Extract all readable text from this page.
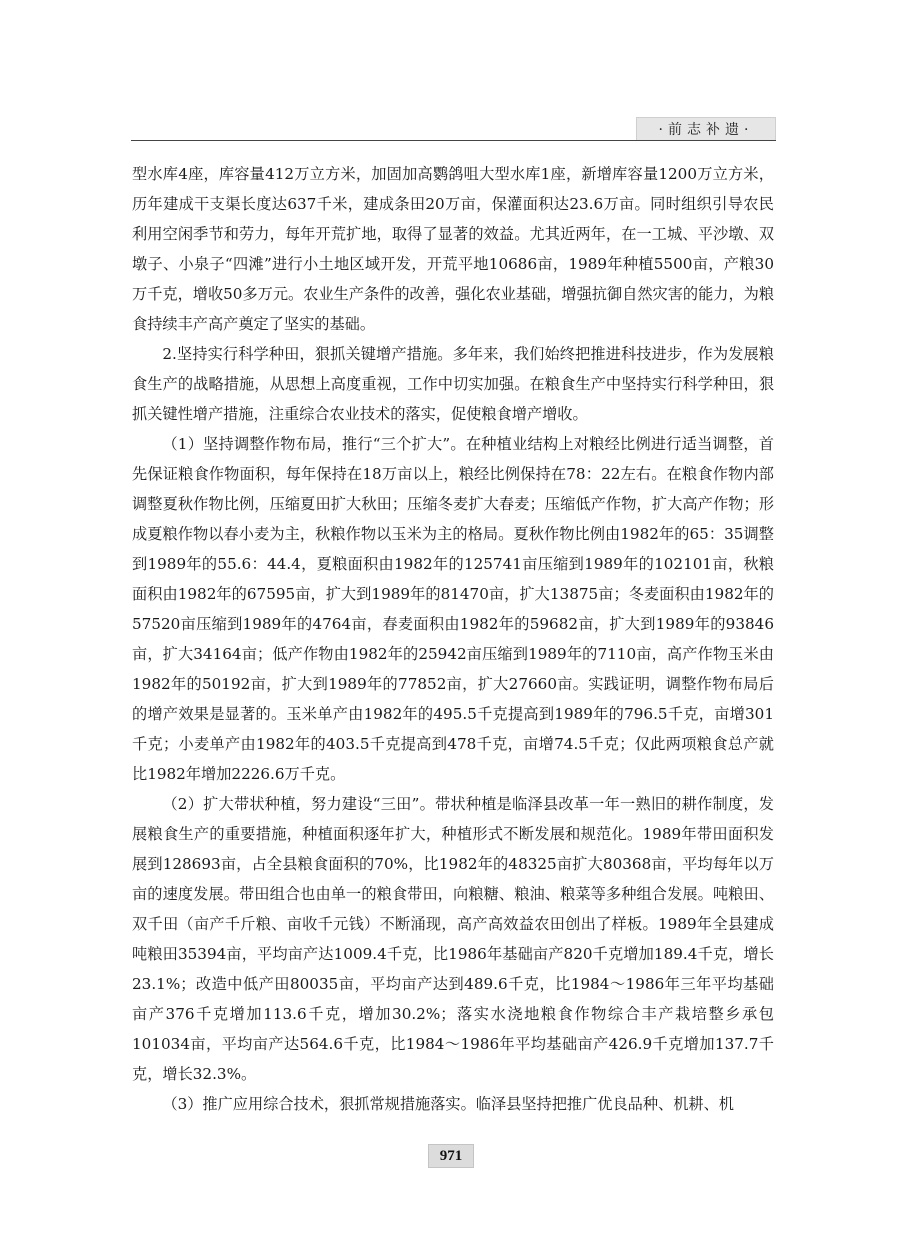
·前志补遗·

型水库4座，库容量412万立方米，加固加高鹦鸽咀大型水库1座，新增库容量1200万立方米，历年建成干支渠长度达637千米，建成条田20万亩，保灌面积达23.6万亩。同时组织引导农民利用空闲季节和劳力，每年开荒扩地，取得了显著的效益。尤其近两年，在一工城、平沙墩、双墩子、小泉子“四滩”进行小土地区域开发，开荒平地10686亩，1989年种植5500亩，产粮30万千克，增收50多万元。农业生产条件的改善，强化农业基础，增强抗御自然灾害的能力，为粮食持续丰产高产奠定了坚实的基础。

2.坚持实行科学种田，狠抓关键增产措施。多年来，我们始终把推进科技进步，作为发展粮食生产的战略措施，从思想上高度重视，工作中切实加强。在粮食生产中坚持实行科学种田，狠抓关键性增产措施，注重综合农业技术的落实，促使粮食增产增收。

（1）坚持调整作物布局，推行“三个扩大”。在种植业结构上对粮经比例进行适当调整，首先保证粮食作物面积，每年保持在18万亩以上，粮经比例保持在78：22左右。在粮食作物内部调整夏秋作物比例，压缩夏田扩大秋田；压缩冬麦扩大春麦；压缩低产作物，扩大高产作物；形成夏粮作物以春小麦为主，秋粮作物以玉米为主的格局。夏秋作物比例由1982年的65：35调整到1989年的55.6：44.4，夏粮面积由1982年的125741亩压缩到1989年的102101亩，秋粮面积由1982年的67595亩，扩大到1989年的81470亩，扩大13875亩；冬麦面积由1982年的57520亩压缩到1989年的4764亩，春麦面积由1982年的59682亩，扩大到1989年的93846亩，扩大34164亩；低产作物由1982年的25942亩压缩到1989年的7110亩，高产作物玉米由1982年的50192亩，扩大到1989年的77852亩，扩大27660亩。实践证明，调整作物布局后的增产效果是显著的。玉米单产由1982年的495.5千克提高到1989年的796.5千克，亩增301千克；小麦单产由1982年的403.5千克提高到478千克，亩增74.5千克；仅此两项粮食总产就比1982年增加2226.6万千克。

（2）扩大带状种植，努力建设“三田”。带状种植是临泽县改革一年一熟旧的耕作制度，发展粮食生产的重要措施，种植面积逐年扩大，种植形式不断发展和规范化。1989年带田面积发展到128693亩，占全县粮食面积的70%，比1982年的48325亩扩大80368亩，平均每年以万亩的速度发展。带田组合也由单一的粮食带田，向粮糖、粮油、粮菜等多种组合发展。吨粮田、双千田（亩产千斤粮、亩收千元钱）不断涌现，高产高效益农田创出了样板。1989年全县建成吨粮田35394亩，平均亩产达1009.4千克，比1986年基础亩产820千克增加189.4千克，增长23.1%；改造中低产田80035亩，平均亩产达到489.6千克，比1984～1986年三年平均基础亩产376千克增加113.6千克，增加30.2%；落实水浇地粮食作物综合丰产栽培整乡承包101034亩，平均亩产达564.6千克，比1984～1986年平均基础亩产426.9千克增加137.7千克，增长32.3%。

（3）推广应用综合技术，狠抓常规措施落实。临泽县坚持把推广优良品种、机耕、机

971
